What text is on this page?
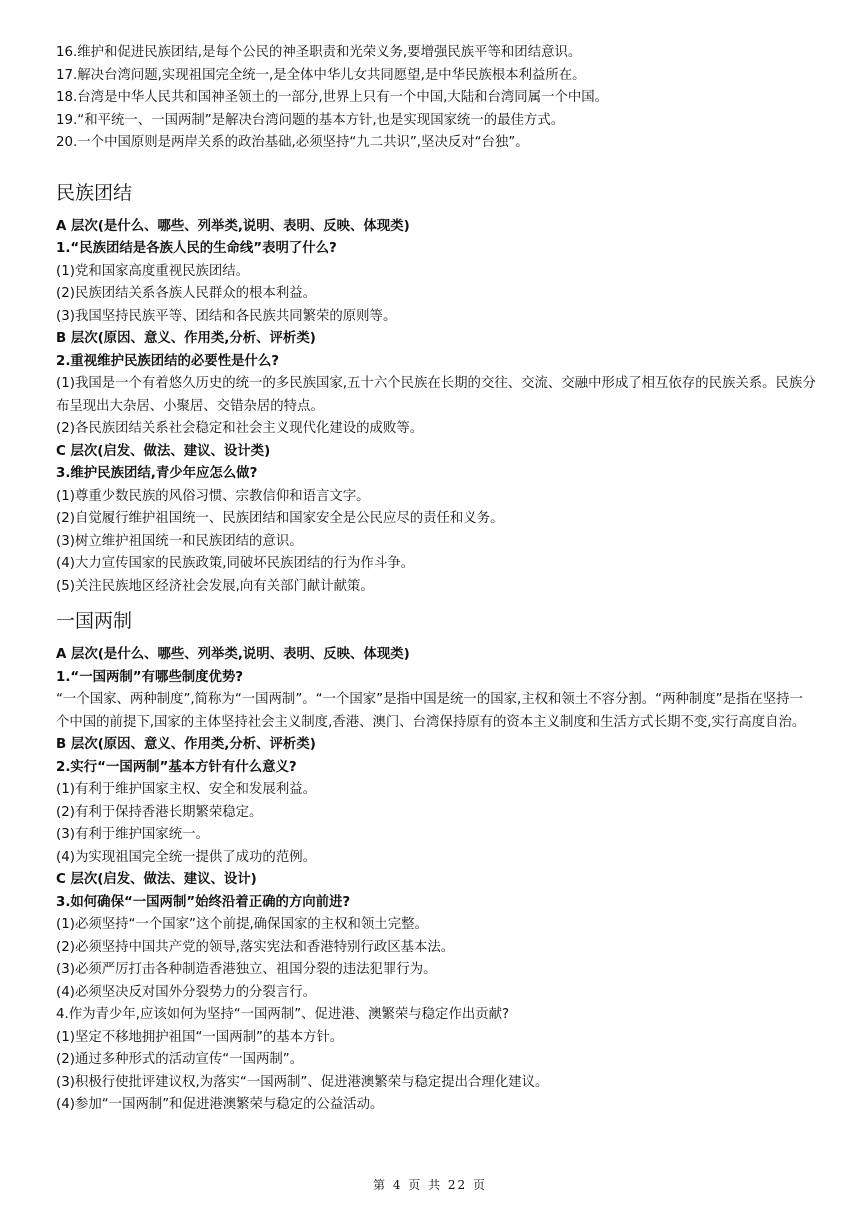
16.维护和促进民族团结,是每个公民的神圣职责和光荣义务,要增强民族平等和团结意识。
17.解决台湾问题,实现祖国完全统一,是全体中华儿女共同愿望,是中华民族根本利益所在。
18.台湾是中华人民共和国神圣领土的一部分,世界上只有一个中国,大陆和台湾同属一个中国。
19.“和平统一、一国两制”是解决台湾问题的基本方针,也是实现国家统一的最佳方式。
20.一个中国原则是两岸关系的政治基础,必须坚持“九二共识”,坚决反对“台独”。
民族团结
A 层次(是什么、哪些、列举类,说明、表明、反映、体现类)
1.“民族团结是各族人民的生命线”表明了什么?
(1)党和国家高度重视民族团结。
(2)民族团结关系各族人民群众的根本利益。
(3)我国坚持民族平等、团结和各民族共同繁荣的原则等。
B 层次(原因、意义、作用类,分析、评析类)
2.重视维护民族团结的必要性是什么?
(1)我国是一个有着悠久历史的统一的多民族国家,五十六个民族在长期的交往、交流、交融中形成了相互依存的民族关系。民族分布呈现出大杂居、小聚居、交错杂居的特点。
(2)各民族团结关系社会稳定和社会主义现代化建设的成败等。
C 层次(启发、做法、建议、设计类)
3.维护民族团结,青少年应怎么做?
(1)尊重少数民族的风俗习惯、宗教信仰和语言文字。
(2)自觉履行维护祖国统一、民族团结和国家安全是公民应尽的责任和义务。
(3)树立维护祖国统一和民族团结的意识。
(4)大力宣传国家的民族政策,同破坏民族团结的行为作斗争。
(5)关注民族地区经济社会发展,向有关部门献计献策。
一国两制
A 层次(是什么、哪些、列举类,说明、表明、反映、体现类)
1.“一国两制”有哪些制度优势?
“一个国家、两种制度”,简称为“一国两制”。“一个国家”是指中国是统一的国家,主权和领土不容分割。“两种制度”是指在坚持一个中国的前提下,国家的主体坚持社会主义制度,香港、澳门、台湾保持原有的资本主义制度和生活方式长期不变,实行高度自治。
B 层次(原因、意义、作用类,分析、评析类)
2.实行“一国两制”基本方针有什么意义?
(1)有利于维护国家主权、安全和发展利益。
(2)有利于保持香港长期繁荣稳定。
(3)有利于维护国家统一。
(4)为实现祖国完全统一提供了成功的范例。
C 层次(启发、做法、建议、设计)
3.如何确保“一国两制”始终沿着正确的方向前进?
(1)必须坚持“一个国家”这个前提,确保国家的主权和领土完整。
(2)必须坚持中国共产党的领导,落实宪法和香港特别行政区基本法。
(3)必须严厉打击各种制造香港独立、祖国分裂的违法犯罪行为。
(4)必须坚决反对国外分裂势力的分裂言行。
4.作为青少年,应该如何为坚持“一国两制”、促进港、澳繁荣与稳定作出贡献?
(1)坚定不移地拥护祖国“一国两制”的基本方针。
(2)通过多种形式的活动宣传“一国两制”。
(3)积极行使批评建议权,为落实“一国两制”、促进港澳繁荣与稳定提出合理化建议。
(4)参加“一国两制”和促进港澳繁荣与稳定的公益活动。
第 4 页 共 22 页
